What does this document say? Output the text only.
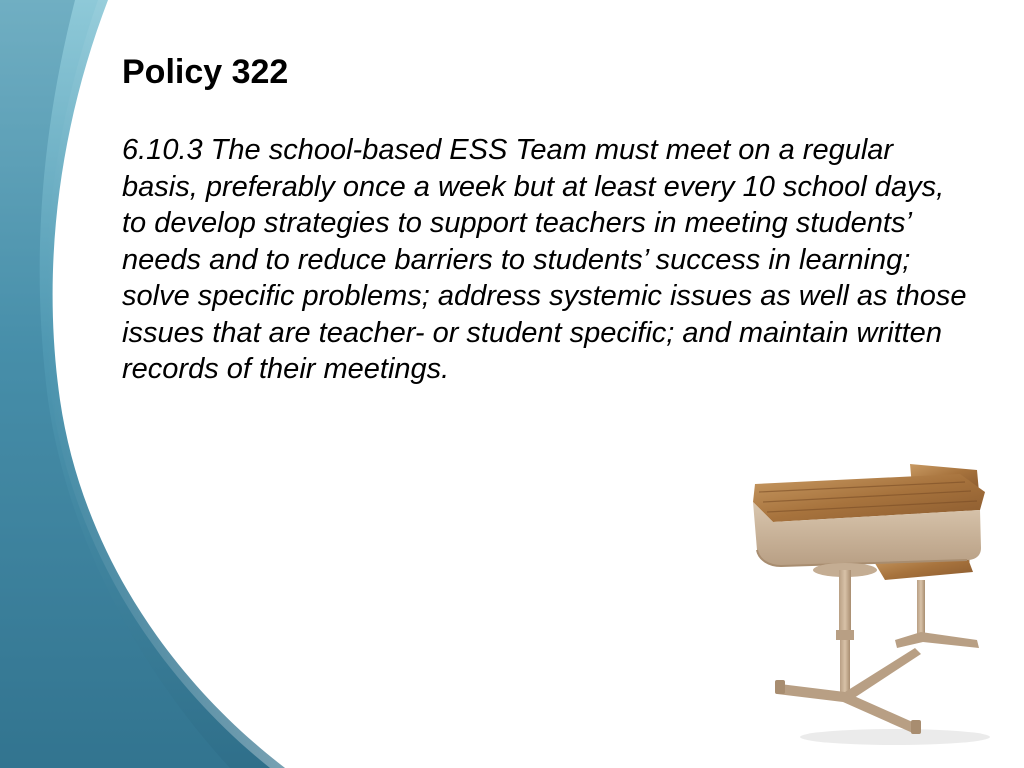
Policy 322

6.10.3 The school-based ESS Team must meet on a regular basis, preferably once a week but at least every 10 school days, to develop strategies to support teachers in meeting students’ needs and to reduce barriers to students’ success in learning; solve specific problems; address systemic issues as well as those issues that are teacher- or student specific; and maintain written records of their meetings.
